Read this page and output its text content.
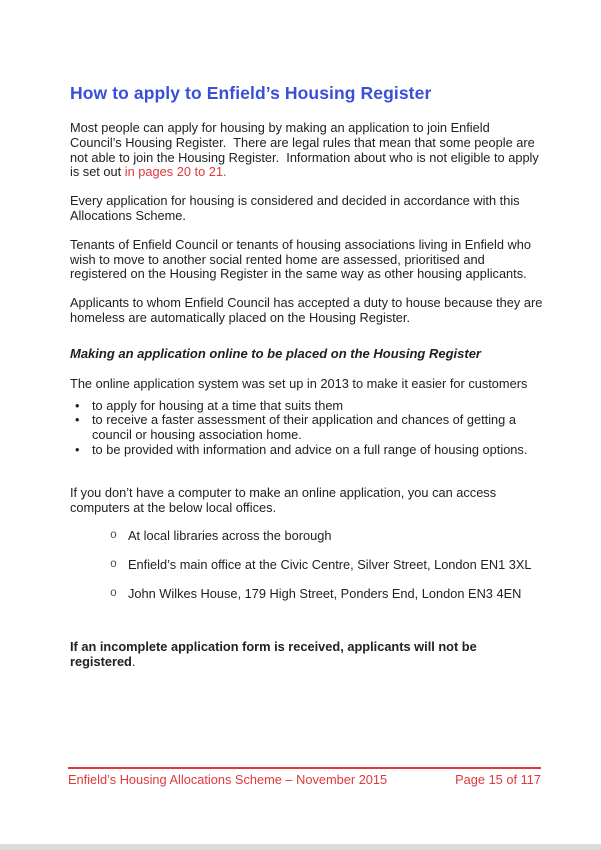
How to apply to Enfield’s Housing Register

Most people can apply for housing by making an application to join Enfield Council’s Housing Register.  There are legal rules that mean that some people are not able to join the Housing Register.  Information about who is not eligible to apply is set out in pages 20 to 21.

Every application for housing is considered and decided in accordance with this Allocations Scheme.

Tenants of Enfield Council or tenants of housing associations living in Enfield who wish to move to another social rented home are assessed, prioritised and registered on the Housing Register in the same way as other housing applicants.

Applicants to whom Enfield Council has accepted a duty to house because they are homeless are automatically placed on the Housing Register.

Making an application online to be placed on the Housing Register

The online application system was set up in 2013 to make it easier for customers

• to apply for housing at a time that suits them
• to receive a faster assessment of their application and chances of getting a council or housing association home.
• to be provided with information and advice on a full range of housing options.

If you don’t have a computer to make an online application, you can access computers at the below local offices.

o At local libraries across the borough
o Enfield’s main office at the Civic Centre, Silver Street, London EN1 3XL
o John Wilkes House, 179 High Street, Ponders End, London EN3 4EN

If an incomplete application form is received, applicants will not be registered.

Enfield’s Housing Allocations Scheme – November 2015	Page 15 of 117
